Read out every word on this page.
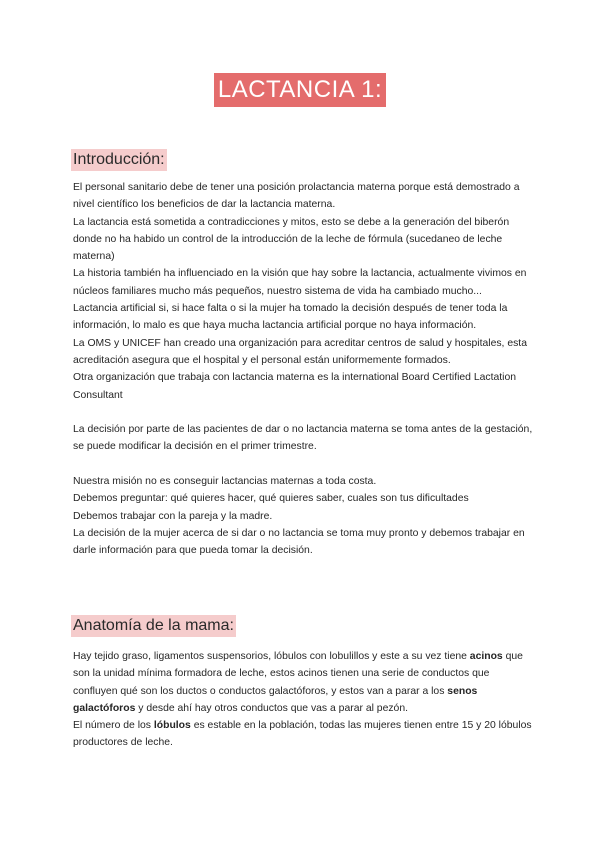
LACTANCIA 1:
Introducción:

El personal sanitario debe de tener una posición prolactancia materna porque está demostrado a nivel científico los beneficios de dar la lactancia materna.

La lactancia está sometida a contradicciones y mitos, esto se debe a la generación del biberón donde no ha habido un control de la introducción de la leche de fórmula (sucedaneo de leche materna)

La historia también ha influenciado en la visión que hay sobre la lactancia, actualmente vivimos en núcleos familiares mucho más pequeños, nuestro sistema de vida ha cambiado mucho...

Lactancia artificial si, si hace falta o si la mujer ha tomado la decisión después de tener toda la información, lo malo es que haya mucha lactancia artificial porque no haya información.

La OMS y UNICEF han creado una organización para acreditar centros de salud y hospitales, esta acreditación asegura que el hospital y el personal están uniformemente formados.

Otra organización que trabaja con lactancia materna es la international Board Certified Lactation Consultant

La decisión por parte de las pacientes de dar o no lactancia materna se toma antes de la gestación, se puede modificar la decisión en el primer trimestre.

Nuestra misión no es conseguir lactancias maternas a toda costa.

Debemos preguntar: qué quieres hacer, qué quieres saber, cuales son tus dificultades

Debemos trabajar con la pareja y la madre.

La decisión de la mujer acerca de si dar o no lactancia se toma muy pronto y debemos trabajar en darle información para que pueda tomar la decisión.

Anatomía de la mama:

Hay tejido graso, ligamentos suspensorios, lóbulos con lobulillos y este a su vez tiene acinos que son la unidad mínima formadora de leche, estos acinos tienen una serie de conductos que confluyen qué son los ductos o conductos galactóforos, y estos van a parar a los senos galactóforos y desde ahí hay otros conductos que vas a parar al pezón.

El número de los lóbulos es estable en la población, todas las mujeres tienen entre 15 y 20 lóbulos productores de leche.
